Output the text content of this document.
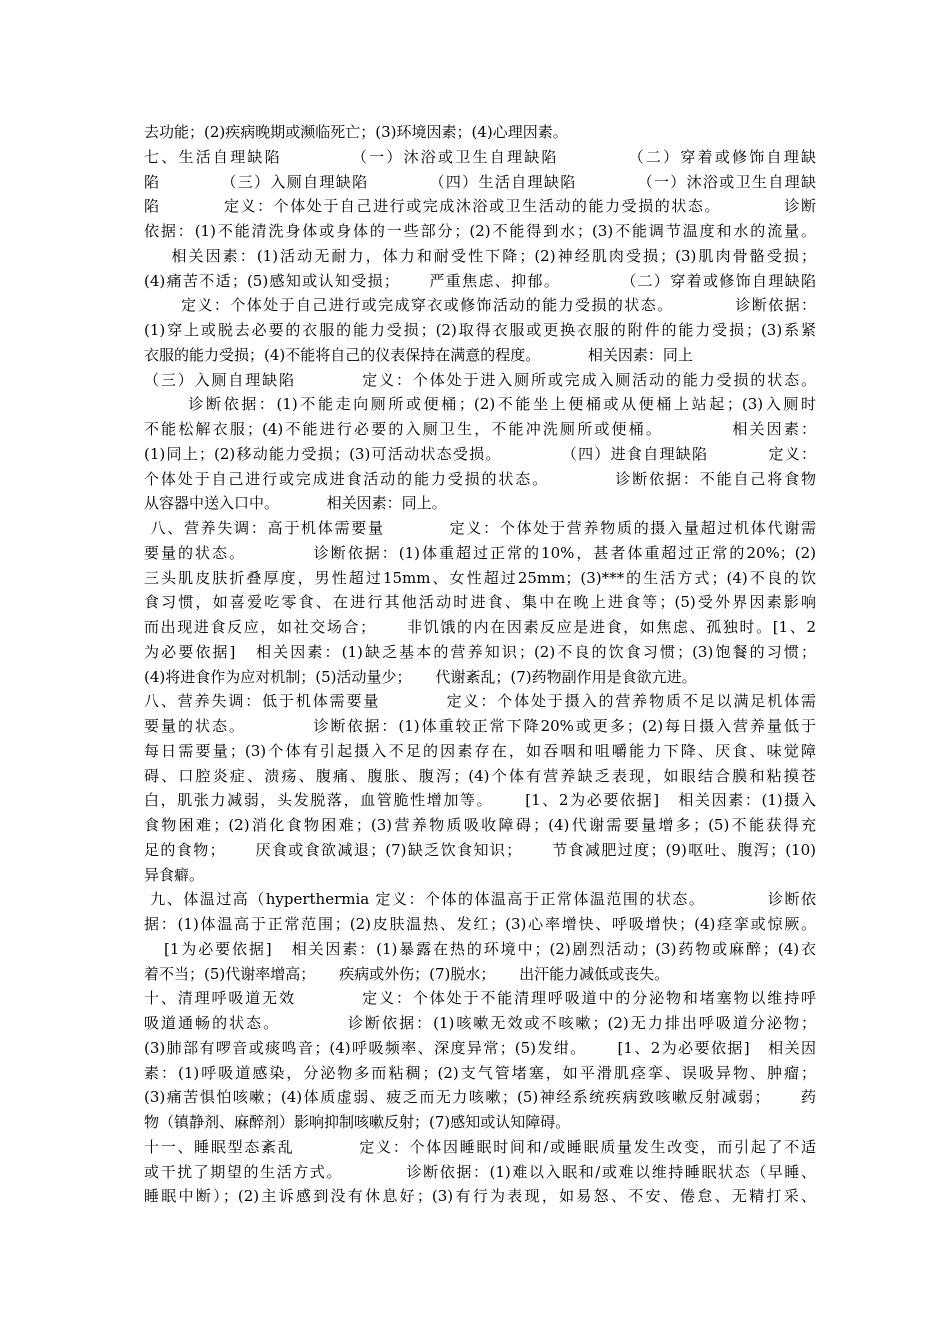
去功能；(2)疾病晚期或濒临死亡；(3)环境因素；(4)心理因素。
七、生活自理缺陷          （一）沐浴或卫生自理缺陷          （二）穿着或修饰自理缺
陷          （三）入厕自理缺陷          （四）生活自理缺陷          （一）沐浴或卫生自理缺
陷          定义：个体处于自己进行或完成沐浴或卫生活动的能力受损的状态。          诊断
依据：(1)不能清洗身体或身体的一些部分；(2)不能得到水；(3)不能调节温度和水的流量。
相关因素：(1)活动无耐力，体力和耐受性下降；(2)神经肌肉受损；(3)肌肉骨骼受损；
(4)痛苦不适；(5)感知或认知受损；     严重焦虑、抑郁。          （二）穿着或修饰自理缺陷
定义：个体处于自己进行或完成穿衣或修饰活动的能力受损的状态。          诊断依据：
(1)穿上或脱去必要的衣服的能力受损；(2)取得衣服或更换衣服的附件的能力受损；(3)系紧
衣服的能力受损；(4)不能将自己的仪表保持在满意的程度。          相关因素：同上
（三）入厕自理缺陷          定义：个体处于进入厕所或完成入厕活动的能力受损的状态。
诊断依据：(1)不能走向厕所或便桶；(2)不能坐上便桶或从便桶上站起；(3)入厕时
不能松解衣服；(4)不能进行必要的入厕卫生，不能冲洗厕所或便桶。          相关因素：
(1)同上；(2)移动能力受损；(3)可活动状态受损。          （四）进食自理缺陷          定义：
个体处于自己进行或完成进食活动的能力受损的状态。          诊断依据：不能自己将食物
从容器中送入口中。          相关因素：同上。
八、营养失调：高于机体需要量          定义：个体处于营养物质的摄入量超过机体代谢需
要量的状态。          诊断依据：(1)体重超过正常的10%，甚者体重超过正常的20%；(2)
三头肌皮肤折叠厚度，男性超过15mm、女性超过25mm；(3)***的生活方式；(4)不良的饮
食习惯，如喜爱吃零食、在进行其他活动时进食、集中在晚上进食等；(5)受外界因素影响
而出现进食反应，如社交场合；     非饥饿的内在因素反应是进食，如焦虑、孤独时。[1、2
为必要依据]   相关因素：(1)缺乏基本的营养知识；(2)不良的饮食习惯；(3)饱餐的习惯；
(4)将进食作为应对机制；(5)活动量少；     代谢紊乱；(7)药物副作用是食欲亢进。
八、营养失调：低于机体需要量          定义：个体处于摄入的营养物质不足以满足机体需
要量的状态。          诊断依据：(1)体重较正常下降20%或更多；(2)每日摄入营养量低于
每日需要量；(3)个体有引起摄入不足的因素存在，如吞咽和咀嚼能力下降、厌食、味觉障
碍、口腔炎症、溃疡、腹痛、腹胀、腹泻；(4)个体有营养缺乏表现，如眼结合膜和粘摸苍
白，肌张力减弱，头发脱落，血管脆性增加等。     [1、2为必要依据]   相关因素：(1)摄入
食物困难；(2)消化食物困难；(3)营养物质吸收障碍；(4)代谢需要量增多；(5)不能获得充
足的食物；     厌食或食欲减退；(7)缺乏饮食知识；     节食减肥过度；(9)呕吐、腹泻；(10)
异食癖。
九、体温过高（hyperthermia 定义：个体的体温高于正常体温范围的状态。          诊断依
据：(1)体温高于正常范围；(2)皮肤温热、发红；(3)心率增快、呼吸增快；(4)痉挛或惊厥。
[1为必要依据]   相关因素：(1)暴露在热的环境中；(2)剧烈活动；(3)药物或麻醉；(4)衣
着不当；(5)代谢率增高；     疾病或外伤；(7)脱水；     出汗能力减低或丧失。
十、清理呼吸道无效          定义：个体处于不能清理呼吸道中的分泌物和堵塞物以维持呼
吸道通畅的状态。          诊断依据：(1)咳嗽无效或不咳嗽；(2)无力排出呼吸道分泌物；
(3)肺部有啰音或痰鸣音；(4)呼吸频率、深度异常；(5)发绀。     [1、2为必要依据]   相关因
素：(1)呼吸道感染，分泌物多而粘稠；(2)支气管堵塞，如平滑肌痉挛、误吸异物、肿瘤；
(3)痛苦惧怕咳嗽；(4)体质虚弱、疲乏而无力咳嗽；(5)神经系统疾病致咳嗽反射减弱；     药
物（镇静剂、麻醉剂）影响抑制咳嗽反射；(7)感知或认知障碍。
十一、睡眠型态紊乱          定义：个体因睡眠时间和/或睡眠质量发生改变，而引起了不适
或干扰了期望的生活方式。          诊断依据：(1)难以入眠和/或难以维持睡眠状态（早睡、
睡眠中断）；(2)主诉感到没有休息好；(3)有行为表现，如易怒、不安、倦怠、无精打采、
